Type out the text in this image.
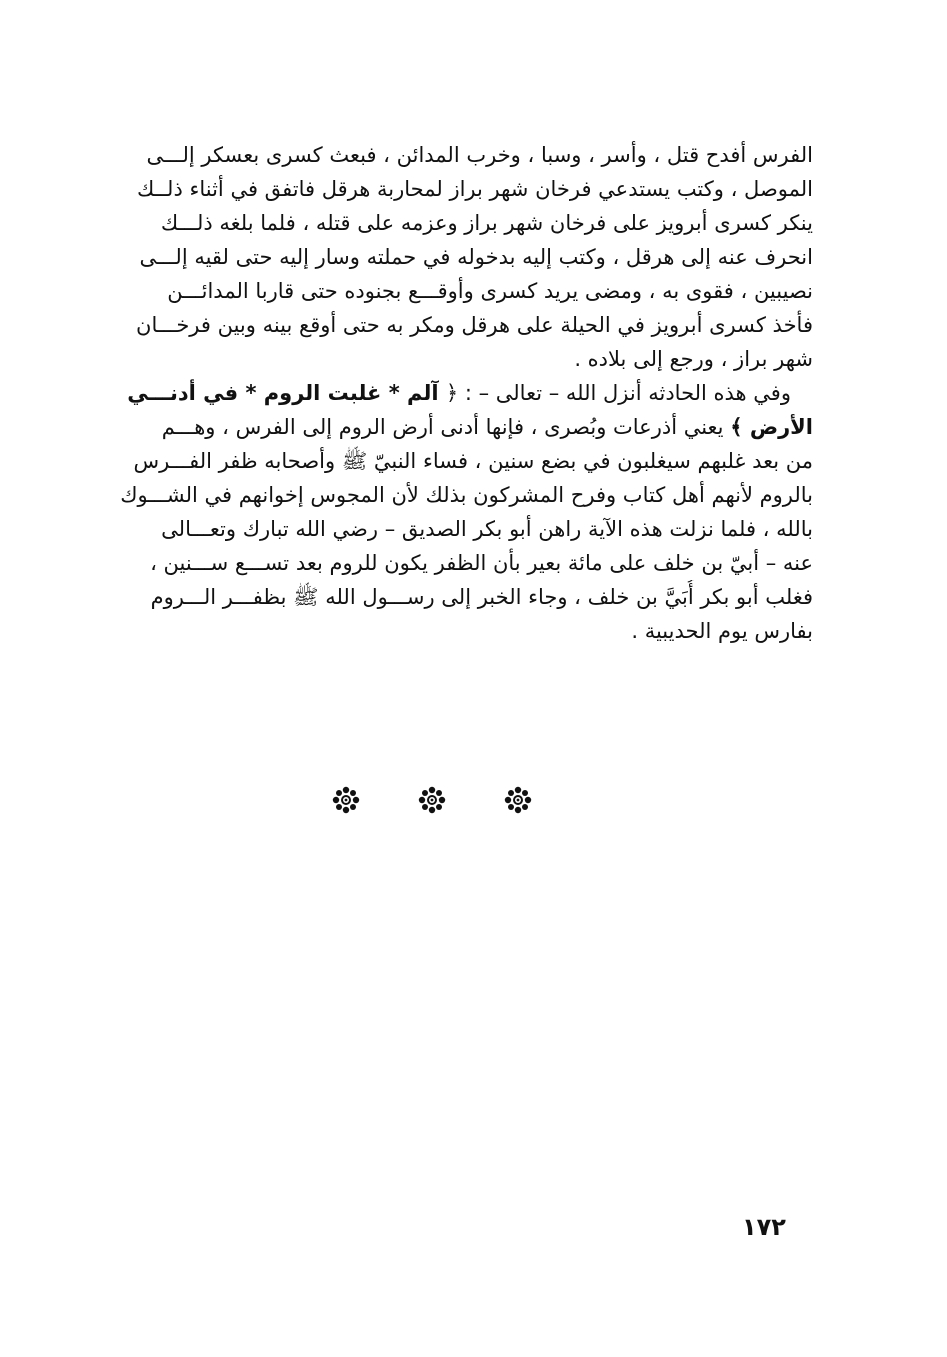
الفرس أفدح قتل ، وأسر ، وسبا ، وخرب المدائن ، فبعث كسرى بعسكر إلـــى
الموصل ، وكتب يستدعي فرخان شهر براز لمحاربة هرقل فاتفق في أثناء ذلــك
ينكر كسرى أبرويز على فرخان شهر براز وعزمه على قتله ، فلما بلغه ذلـــك
انحرف عنه إلى هرقل ، وكتب إليه بدخوله في حملته وسار إليه حتى لقيه إلـــى
نصيبين ، فقوى به ، ومضى يريد كسرى وأوقـــع بجنوده حتى قاربا المدائـــن
فأخذ كسرى أبرويز في الحيلة على هرقل ومكر به حتى أوقع بينه وبين فرخـــان
شهر براز ، ورجع إلى بلاده .
وفي هذه الحادثه أنزل الله – تعالى – : ﴿ آلم * غلبت الروم * في أدنـــي
الأرض ﴾ يعني أذرعات وبُصرى ، فإنها أدنى أرض الروم إلى الفرس ، وهـــم
من بعد غلبهم سيغلبون في بضع سنين ، فساء النبيّ ﷺ وأصحابه ظفر الفـــرس
بالروم لأنهم أهل كتاب وفرح المشركون بذلك لأن المجوس إخوانهم في الشـــوك
بالله ، فلما نزلت هذه الآية راهن أبو بكر الصديق – رضي الله تبارك وتعـــالى
عنه – أبيّ بن خلف على مائة بعير بأن الظفر يكون للروم بعد تســـع ســـنين ،
فغلب أبو بكر أُبَيَّ بن خلف ، وجاء الخبر إلى رســـول الله ﷺ بظفـــر الـــروم
بفارس يوم الحديبية .
١٧٢
